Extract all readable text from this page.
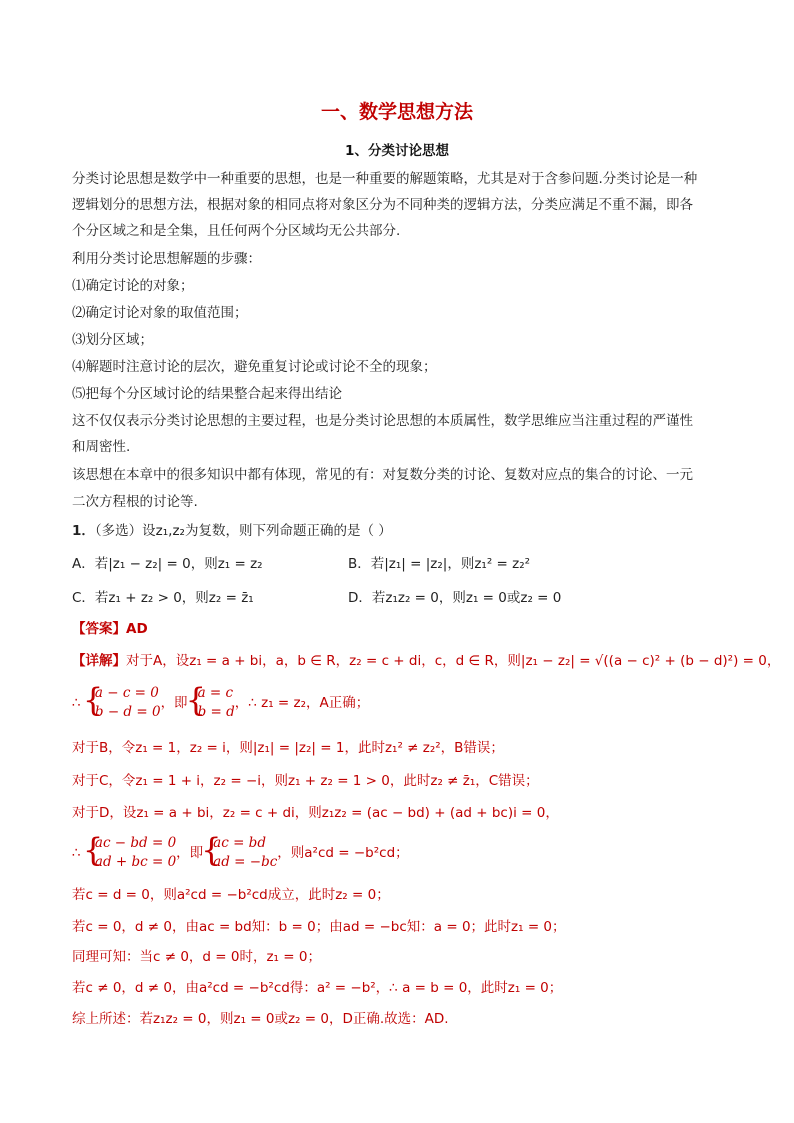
一、数学思想方法
1、分类讨论思想
分类讨论思想是数学中一种重要的思想，也是一种重要的解题策略，尤其是对于含参问题.分类讨论是一种
逻辑划分的思想方法，根据对象的相同点将对象区分为不同种类的逻辑方法，分类应满足不重不漏，即各
个分区域之和是全集，且任何两个分区域均无公共部分.
利用分类讨论思想解题的步骤：
⑴确定讨论的对象；
⑵确定讨论对象的取值范围；
⑶划分区域；
⑷解题时注意讨论的层次，避免重复讨论或讨论不全的现象；
⑸把每个分区域讨论的结果整合起来得出结论
这不仅仅表示分类讨论思想的主要过程，也是分类讨论思想的本质属性，数学思维应当注重过程的严谨性
和周密性.
该思想在本章中的很多知识中都有体现，常见的有：对复数分类的讨论、复数对应点的集合的讨论、一元
二次方程根的讨论等.
1．（多选）设z₁,z₂为复数，则下列命题正确的是（ ）
A．若|z₁ − z₂| = 0，则z₁ = z₂	B．若|z₁| = |z₂|，则z₁² = z₂²
C．若z₁ + z₂ > 0，则z₂ = z̄₁	D．若z₁z₂ = 0，则z₁ = 0或z₂ = 0
【答案】AD
【详解】对于A，设z₁ = a + bi，a，b ∈ R，z₂ = c + di，c，d ∈ R，则|z₁ − z₂| = √((a − c)² + (b − d)²) = 0，
∴
{ a − c = 0
b − d = 0
，即
{ a = c
b = d
，∴ z₁ = z₂，A正确；
对于B，令z₁ = 1，z₂ = i，则|z₁| = |z₂| = 1，此时z₁² ≠ z₂²，B错误；
对于C，令z₁ = 1 + i，z₂ = −i，则z₁ + z₂ = 1 > 0，此时z₂ ≠ z̄₁，C错误；
对于D，设z₁ = a + bi，z₂ = c + di，则z₁z₂ = (ac − bd) + (ad + bc)i = 0，
∴
{ ac − bd = 0
ad + bc = 0
，即
{ ac = bd
ad = −bc
，则a²cd = −b²cd；
若c = d = 0，则a²cd = −b²cd成立，此时z₂ = 0；
若c = 0，d ≠ 0，由ac = bd知：b = 0；由ad = −bc知：a = 0；此时z₁ = 0；
同理可知：当c ≠ 0，d = 0时，z₁ = 0；
若c ≠ 0，d ≠ 0，由a²cd = −b²cd得：a² = −b²，∴ a = b = 0，此时z₁ = 0；
综上所述：若z₁z₂ = 0，则z₁ = 0或z₂ = 0，D正确.故选：AD.
